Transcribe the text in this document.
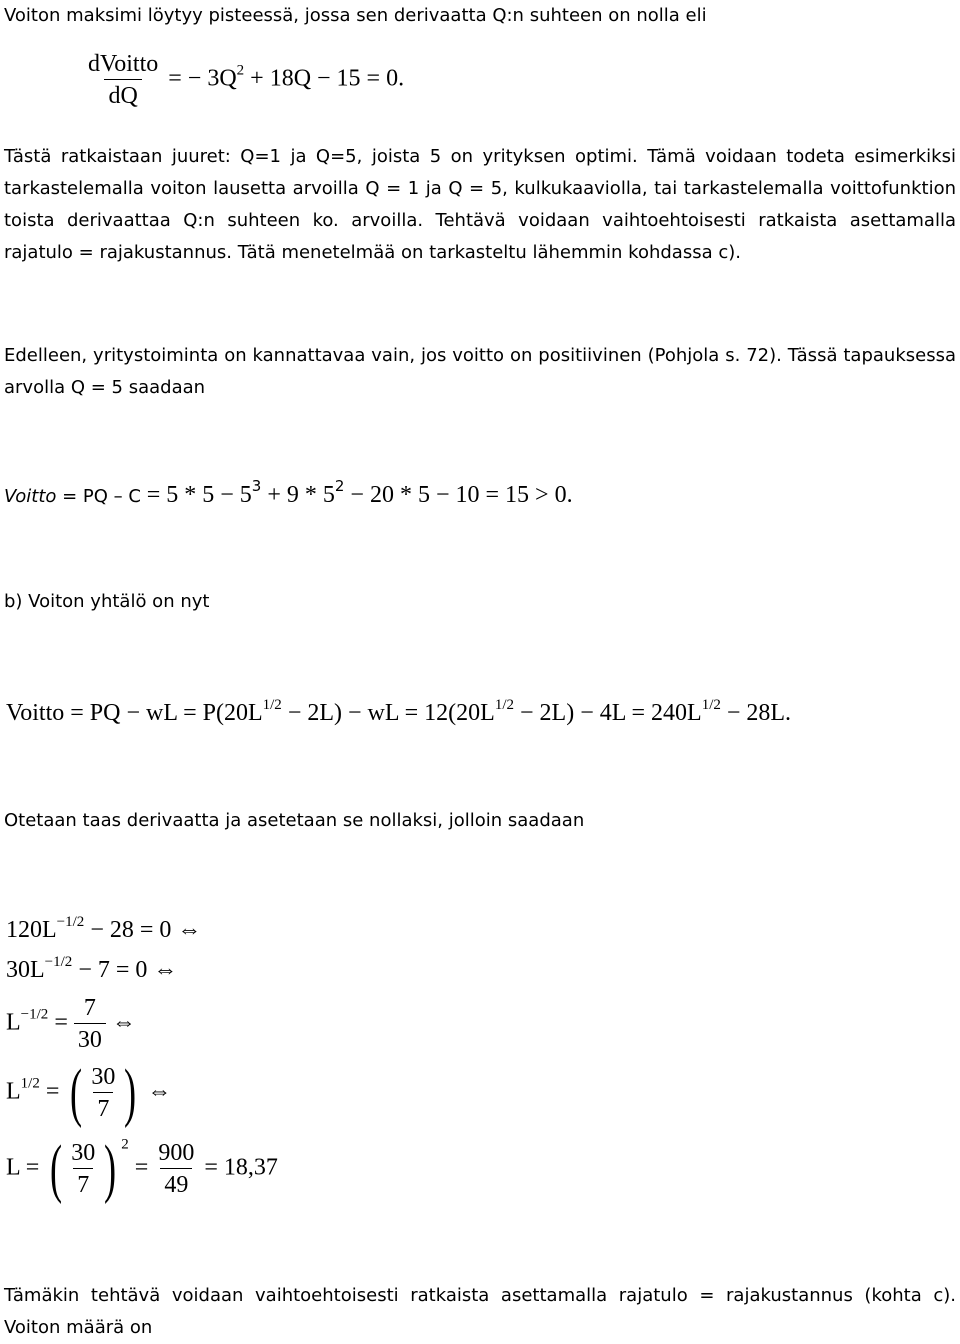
Voiton maksimi löytyy pisteessä, jossa sen derivaatta Q:n suhteen on nolla eli

$\frac{\text{dVoitto}}{dQ}$ = − $3Q^2 + 18Q - 15 = 0$.

Tästä ratkaistaan juuret: Q=1 ja Q=5, joista 5 on yrityksen optimi. Tämä voidaan todeta esimerkiksi tarkastelemalla voiton lausetta arvoilla Q = 1 ja Q = 5, kulkukaaviolla, tai tarkastelemalla voittofunktion toista derivaattaa Q:n suhteen ko. arvoilla. Tehtävä voidaan vaihtoehtoisesti ratkaista asettamalla rajatulo = rajakustannus. Tätä menetelmää on tarkasteltu lähemmin kohdassa c).

Edelleen, yritystoiminta on kannattavaa vain, jos voitto on positiivinen (Pohjola s. 72). Tässä tapauksessa arvolla Q = 5 saadaan

Voitto = PQ – $C = 5 * 5 - 5^3 + 9 * 5^2 - 20 * 5 - 10 = 15 > 0$.

b) Voiton yhtälö on nyt

Voitto = PQ − wL = $P(20L^{1/2} - 2L)$ − wL = $12(20L^{1/2} - 2L) - 4L = 240L^{1/2} - 28L$.

Otetaan taas derivaatta ja asetetaan se nollaksi, jolloin saadaan

$120L^{-1/2} - 28 = 0$ ⇔
$30L^{-1/2} - 7 = 0$ ⇔
$L^{-1/2} = \frac{7}{30}$ ⇔
$L^{1/2}$ = ( $\frac{30}{7}$ ) ⇔
L = ( $\frac{30}{7}$ ) $^2 = \frac{900}{49} = 18,37$

Tämäkin tehtävä voidaan vaihtoehtoisesti ratkaista asettamalla rajatulo = rajakustannus (kohta c). Voiton määrä on
